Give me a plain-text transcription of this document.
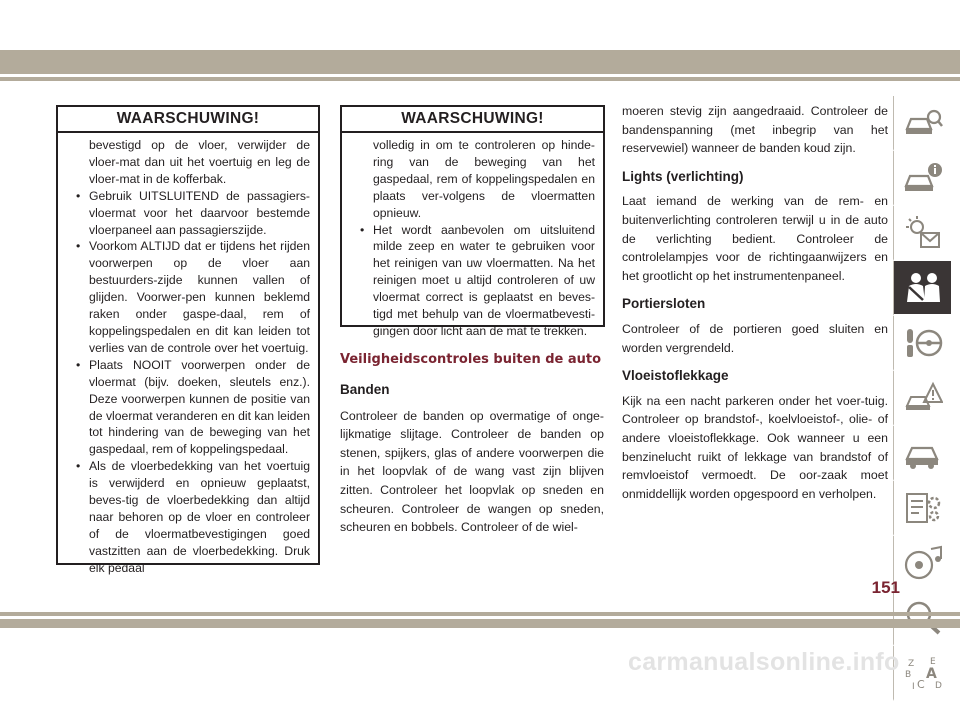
WAARSCHUWING!

bevestigd op de vloer, verwijder de vloer-mat dan uit het voertuig en leg de vloer-mat in de kofferbak.

• Gebruik UITSLUITEND de passagiers-vloermat voor het daarvoor bestemde vloerpaneel aan passagierszijde.
• Voorkom ALTIJD dat er tijdens het rijden voorwerpen op de vloer aan bestuurders-zijde kunnen vallen of glijden. Voorwer-pen kunnen beklemd raken onder gaspe-daal, rem of koppelingspedalen en dit kan leiden tot verlies van de controle over het voertuig.
• Plaats NOOIT voorwerpen onder de vloermat (bijv. doeken, sleutels enz.). Deze voorwerpen kunnen de positie van de vloermat veranderen en dit kan leiden tot hindering van de beweging van het gaspedaal, rem of koppelingspedaal.
• Als de vloerbedekking van het voertuig is verwijderd en opnieuw geplaatst, beves-tig de vloerbedekking dan altijd naar behoren op de vloer en controleer of de vloermatbevestigingen goed vastzitten aan de vloerbedekking. Druk elk pedaal
WAARSCHUWING!

volledig in om te controleren op hinde-ring van de beweging van het gaspedaal, rem of koppelingspedalen en plaats ver-volgens de vloermatten opnieuw.

• Het wordt aanbevolen om uitsluitend milde zeep en water te gebruiken voor het reinigen van uw vloermatten. Na het reinigen moet u altijd controleren of uw vloermat correct is geplaatst en beves-tigd met behulp van de vloermatbevesti-gingen door licht aan de mat te trekken.
Veiligheidscontroles buiten de auto

Banden

Controleer de banden op overmatige of onge-lijkmatige slijtage. Controleer de banden op stenen, spijkers, glas of andere voorwerpen die in het loopvlak of de wang vast zijn blijven zitten. Controleer het loopvlak op sneden en scheuren. Controleer de wangen op sneden, scheuren en bobbels. Controleer of de wiel-

moeren stevig zijn aangedraaid. Controleer de bandenspanning (met inbegrip van het reservewiel) wanneer de banden koud zijn.

Lights (verlichting)

Laat iemand de werking van de rem- en buitenverlichting controleren terwijl u in de auto de verlichting bedient. Controleer de controlelampjes voor de richtingaanwijzers en het grootlicht op het instrumentenpaneel.

Portiersloten

Controleer of de portieren goed sluiten en worden vergrendeld.

Vloeistoflekkage

Kijk na een nacht parkeren onder het voer-tuig. Controleer op brandstof-, koelvloeistof-, olie- of andere vloeistoflekkage. Ook wanneer u een benzinelucht ruikt of lekkage van brandstof of remvloeistof vermoedt. De oor-zaak moet onmiddellijk worden opgespoord en verholpen.

Z E
B A
I C D
151
carmanualsonline.info
